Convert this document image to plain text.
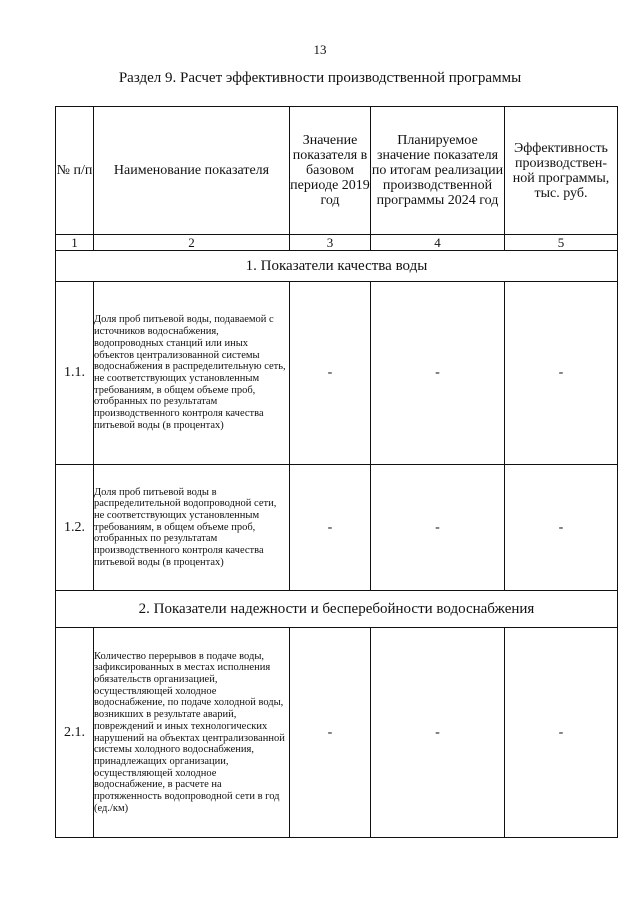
13
Раздел 9. Расчет эффективности производственной программы
№ п/п	Наименование показателя	Значение показателя в базовом периоде 2019 год	Планируемое значение показателя по итогам реализации производственной программы 2024 год	Эффективность производствен-ной программы, тыс. руб.
1	2	3	4	5
1. Показатели качества воды				
1.1.	Доля проб питьевой воды, подаваемой с источников водоснабжения, водопроводных станций или иных объектов централизованной системы водоснабжения в распределительную сеть, не соответствующих установленным требованиям, в общем объеме проб, отобранных по результатам производственного контроля качества питьевой воды (в процентах)	-	-	-
1.2.	Доля проб питьевой воды в распределительной водопроводной сети, не соответствующих установленным требованиям, в общем объеме проб, отобранных по результатам производственного контроля качества питьевой воды (в процентах)	-	-	-
2. Показатели надежности и бесперебойности водоснабжения				
2.1.	Количество перерывов в подаче воды, зафиксированных в местах исполнения обязательств организацией, осуществляющей холодное водоснабжение, по подаче холодной воды, возникших в результате аварий, повреждений и иных технологических нарушений на объектах централизованной системы холодного водоснабжения, принадлежащих организации, осуществляющей холодное водоснабжение, в расчете на протяженность водопроводной сети в год (ед./км)	-	-	-
